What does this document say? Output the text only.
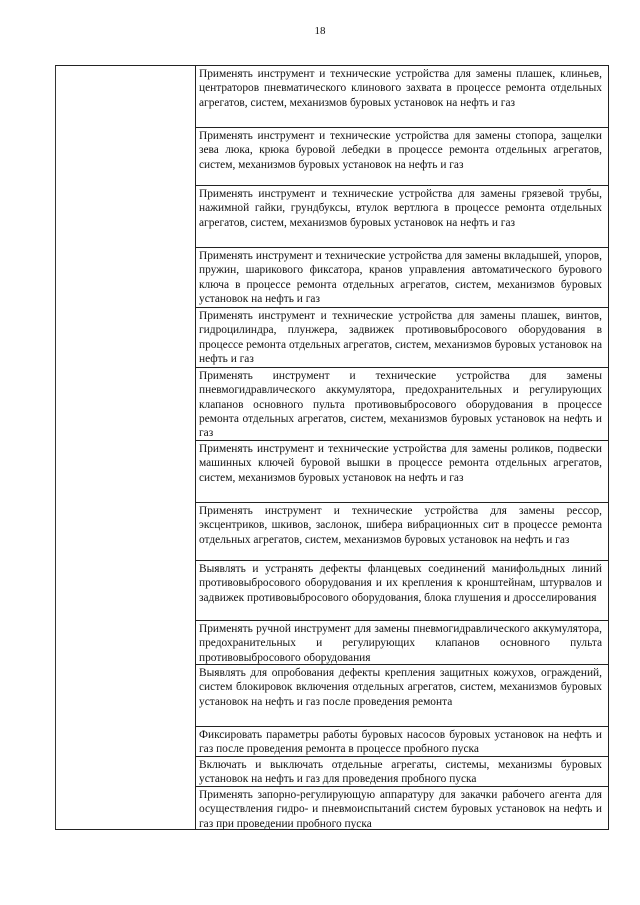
18
Применять инструмент и технические устройства для замены плашек, клиньев, центраторов пневматического клинового захвата в процессе ремонта отдельных агрегатов, систем, механизмов буровых установок на нефть и газ
Применять инструмент и технические устройства для замены стопора, защелки зева люка, крюка буровой лебедки в процессе ремонта отдельных агрегатов, систем, механизмов буровых установок на нефть и газ
Применять инструмент и технические устройства для замены грязевой трубы, нажимной гайки, грундбуксы, втулок вертлюга в процессе ремонта отдельных агрегатов, систем, механизмов буровых установок на нефть и газ
Применять инструмент и технические устройства для замены вкладышей, упоров, пружин, шарикового фиксатора, кранов управления автоматического бурового ключа в процессе ремонта отдельных агрегатов, систем, механизмов буровых установок на нефть и газ
Применять инструмент и технические устройства для замены плашек, винтов, гидроцилиндра, плунжера, задвижек противовыбросового оборудования в процессе ремонта отдельных агрегатов, систем, механизмов буровых установок на нефть и газ
Применять инструмент и технические устройства для замены пневмогидравлического аккумулятора, предохранительных и регулирующих клапанов основного пульта противовыбросового оборудования в процессе ремонта отдельных агрегатов, систем, механизмов буровых установок на нефть и газ
Применять инструмент и технические устройства для замены роликов, подвески машинных ключей буровой вышки в процессе ремонта отдельных агрегатов, систем, механизмов буровых установок на нефть и газ
Применять инструмент и технические устройства для замены рессор, эксцентриков, шкивов, заслонок, шибера вибрационных сит в процессе ремонта отдельных агрегатов, систем, механизмов буровых установок на нефть и газ
Выявлять и устранять дефекты фланцевых соединений манифольдных линий противовыбросового оборудования и их крепления к кронштейнам, штурвалов и задвижек противовыбросового оборудования, блока глушения и дросселирования
Применять ручной инструмент для замены пневмогидравлического аккумулятора, предохранительных и регулирующих клапанов основного пульта противовыбросового оборудования
Выявлять для опробования дефекты крепления защитных кожухов, ограждений, систем блокировок включения отдельных агрегатов, систем, механизмов буровых установок на нефть и газ после проведения ремонта
Фиксировать параметры работы буровых насосов буровых установок на нефть и газ после проведения ремонта в процессе пробного пуска
Включать и выключать отдельные агрегаты, системы, механизмы буровых установок на нефть и газ для проведения пробного пуска
Применять запорно-регулирующую аппаратуру для закачки рабочего агента для осуществления гидро- и пневмоиспытаний систем буровых установок на нефть и газ при проведении пробного пуска
